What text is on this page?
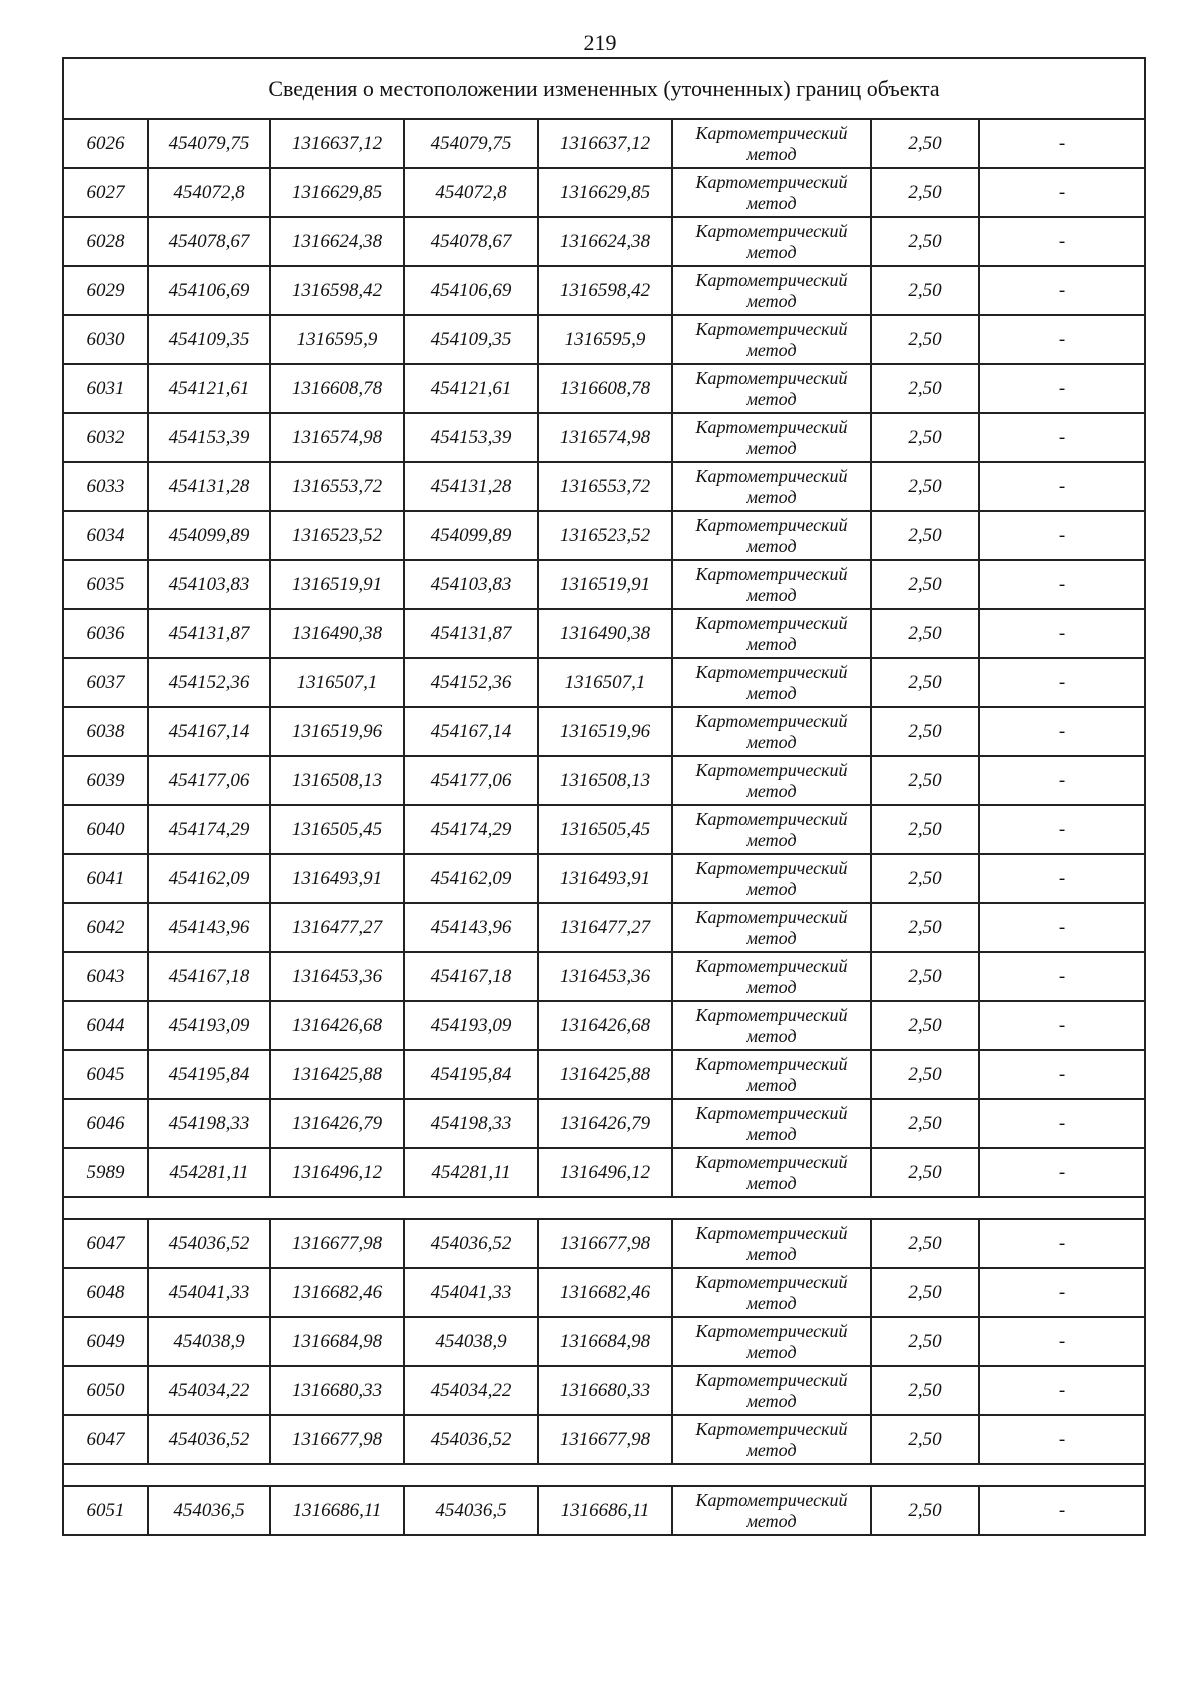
219
Сведения о местоположении измененных (уточненных) границ объекта							
6026	454079,75	1316637,12	454079,75	1316637,12	Картометрический метод	2,50	-
6027	454072,8	1316629,85	454072,8	1316629,85	Картометрический метод	2,50	-
6028	454078,67	1316624,38	454078,67	1316624,38	Картометрический метод	2,50	-
6029	454106,69	1316598,42	454106,69	1316598,42	Картометрический метод	2,50	-
6030	454109,35	1316595,9	454109,35	1316595,9	Картометрический метод	2,50	-
6031	454121,61	1316608,78	454121,61	1316608,78	Картометрический метод	2,50	-
6032	454153,39	1316574,98	454153,39	1316574,98	Картометрический метод	2,50	-
6033	454131,28	1316553,72	454131,28	1316553,72	Картометрический метод	2,50	-
6034	454099,89	1316523,52	454099,89	1316523,52	Картометрический метод	2,50	-
6035	454103,83	1316519,91	454103,83	1316519,91	Картометрический метод	2,50	-
6036	454131,87	1316490,38	454131,87	1316490,38	Картометрический метод	2,50	-
6037	454152,36	1316507,1	454152,36	1316507,1	Картометрический метод	2,50	-
6038	454167,14	1316519,96	454167,14	1316519,96	Картометрический метод	2,50	-
6039	454177,06	1316508,13	454177,06	1316508,13	Картометрический метод	2,50	-
6040	454174,29	1316505,45	454174,29	1316505,45	Картометрический метод	2,50	-
6041	454162,09	1316493,91	454162,09	1316493,91	Картометрический метод	2,50	-
6042	454143,96	1316477,27	454143,96	1316477,27	Картометрический метод	2,50	-
6043	454167,18	1316453,36	454167,18	1316453,36	Картометрический метод	2,50	-
6044	454193,09	1316426,68	454193,09	1316426,68	Картометрический метод	2,50	-
6045	454195,84	1316425,88	454195,84	1316425,88	Картометрический метод	2,50	-
6046	454198,33	1316426,79	454198,33	1316426,79	Картометрический метод	2,50	-
5989	454281,11	1316496,12	454281,11	1316496,12	Картометрический метод	2,50	-

6047	454036,52	1316677,98	454036,52	1316677,98	Картометрический метод	2,50	-
6048	454041,33	1316682,46	454041,33	1316682,46	Картометрический метод	2,50	-
6049	454038,9	1316684,98	454038,9	1316684,98	Картометрический метод	2,50	-
6050	454034,22	1316680,33	454034,22	1316680,33	Картометрический метод	2,50	-
6047	454036,52	1316677,98	454036,52	1316677,98	Картометрический метод	2,50	-

6051	454036,5	1316686,11	454036,5	1316686,11	Картометрический метод	2,50	-
